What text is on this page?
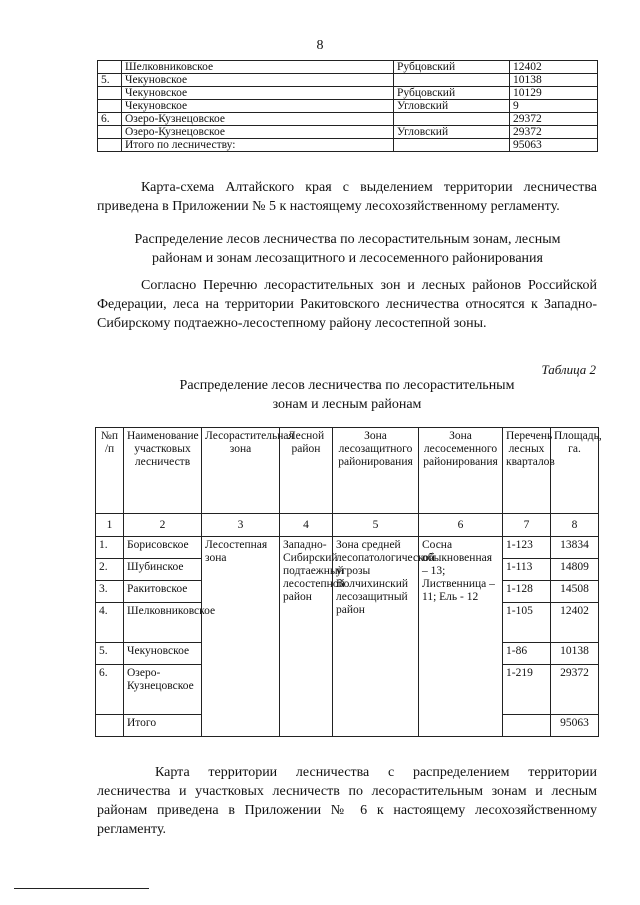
8
	Шелковниковское	Рубцовский	12402
5.	Чекуновское		10138
	Чекуновское	Рубцовский	10129
	Чекуновское	Угловский	9
6.	Озеро-Кузнецовское		29372
	Озеро-Кузнецовское	Угловский	29372
	Итого по лесничеству:		95063
Карта-схема Алтайского края с выделением территории лесничества приведена в Приложении № 5 к настоящему лесохозяйственному регламенту.
Распределение лесов лесничества по лесорастительным зонам, лесным районам и зонам лесозащитного и лесосеменного районирования
Согласно Перечню лесорастительных зон и лесных районов Российской Федерации, леса на территории Ракитовского лесничества относятся к Западно-Сибирскому подтаежно-лесостепному району лесостепной зоны.
Таблица 2
Распределение лесов лесничества по лесорастительным
зонам и лесным районам
№п /п	Наименование участковых лесничеств	Лесорастительная зона	Лесной район	Зона лесозащитного районирования	Зона лесосеменного районирования	Перечень лесных кварталов	Площадь, га.
1	2	3	4	5	6	7	8
1.	Борисовское	Лесостепная зона	Западно-Сибирский подтаежный лесостепной район	Зона средней лесопатологической угрозы Волчихинский лесозащитный район	Сосна обыкновенная – 13; Лиственница – 11; Ель - 12	1-123	13834
2.	Шубинское					1-113	14809
3.	Ракитовское					1-128	14508
4.	Шелковниковское					1-105	12402
5.	Чекуновское					1-86	10138
6.	Озеро-Кузнецовское					1-219	29372
	Итого						95063
Карта территории лесничества с распределением территории лесничества и участковых лесничеств по лесорастительным зонам и лесным районам приведена в Приложении № 6 к настоящему лесохозяйственному регламенту.
